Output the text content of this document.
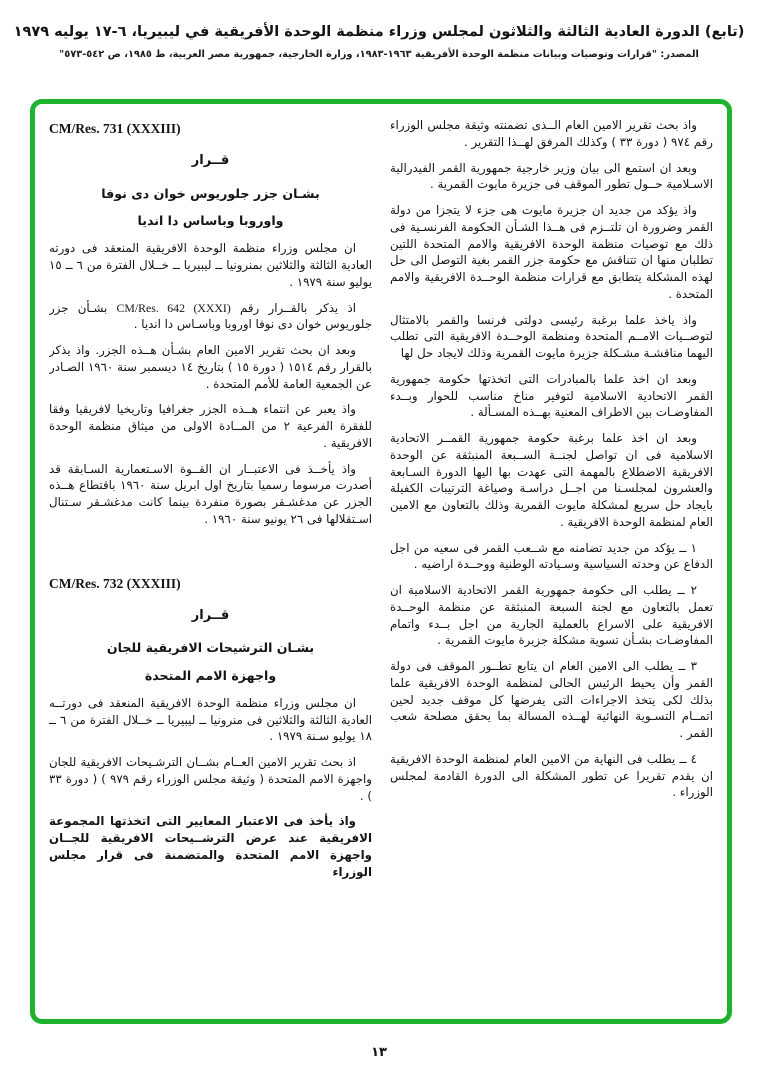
(تابع) الدورة العادية الثالثة والثلاثون لمجلس وزراء منظمة الوحدة الأفريقية في ليبيريا، ٦-١٧ يوليه ١٩٧٩
المصدر: "قرارات وتوصيات وبيانات منظمة الوحدة الأفريقية ١٩٦٣-١٩٨٣، وزارة الخارجية، جمهورية مصر العربية، ط ١٩٨٥، ص ٥٤٢-٥٧٣"

واذ بحث تقرير الامين العام الــذى تضمنته وثيقة مجلس الوزراء رقم ٩٧٤ ( دورة ٣٣ ) وكذلك المرفق لهــذا التقرير .

وبعد ان استمع الى بيان وزير خارجية جمهورية القمر الفيدرالية الاسـلامية حــول تطور الموقف فى جزيرة مايوت القمرية .

واذ يؤكد من جديد ان جزيرة مايوت هى جزء لا يتجزا من دولة القمر وضرورة ان تلتــزم فى هــذا الشـأن الحكومة الفرنسـية فى ذلك مع توصيات منظمة الوحدة الافريقية والامم المتحدة اللتين تطلبان منها ان تتناقش مع حكومة جزر القمر بغية التوصل الى حل لهذه المشكلة يتطابق مع قرارات منظمة الوحــدة الافريقية والامم المتحدة .

واذ ياخذ علما برغبة رئيسى دولتى فرنسا والقمر بالامتثال لتوصــيات الامــم المتحدة ومنظمة الوحــدة الافريقية التى تطلب اليهما مناقشـة مشـكلة جزيرة مايوت القمرية وذلك لايجاد حل لها

وبعد ان اخذ علما بالمبادرات التى اتخذتها حكومة جمهورية القمر الاتحادية الاسلامية لتوفير مناخ مناسب للحوار وبــدء المفاوضـات بين الاطراف المعنية بهــذه المسـألة .

وبعد ان اخذ علما برغبة حكومة جمهورية القمــر الاتحادية الاسلامية فى ان تواصل لجنــة الســبعة المنبثقة عن الوحدة الافريقية الاضطلاع بالمهمة التى عهدت بها اليها الدورة السـابعة والعشرون لمجلسـنا من اجــل دراسـة وصياغة الترتيبات الكفيلة بايجاد حل سريع لمشكلة مايوت القمرية وذلك بالتعاون مع الامين العام لمنظمة الوحدة الافريقية .

١ ــ يؤكد من جديد تضامنه مع شــعب القمر فى سعيه من اجل الدفاع عن وحدته السياسية وسـيادته الوطنية ووحــدة اراضيه .

٢ ــ يطلب الى حكومة جمهورية القمر الاتحادية الاسلامية ان تعمل بالتعاون مع لجنة السبعة المنبثقة عن منظمة الوحــدة الافريقية على الاسراع بالعملية الجارية من اجل بــدء واتمام المفاوضـات بشـأن تسوية مشكلة جزيرة مايوت القمرية .

٣ ــ يطلب الى الامين العام ان يتابع تطــور الموقف فى دولة القمر وأن يحيط الرئيس الحالى لمنظمة الوحدة الافريقية علما بذلك لكى يتخذ الاجراءات التى يفرضها كل موقف جديد لحين اتمــام التسـوية النهائية لهــذه المسالة بما يحقق مصلحة شعب القمر .

٤ ــ يطلب فى النهاية من الامين العام لمنظمة الوحدة الافريقية ان يقدم تقريرا عن تطور المشكلة الى الدورة القادمة لمجلس الوزراء .

CM/Res. 731 (XXXIII)
قــرار
بشـان جزر جلوريوس خوان دى نوفا
واوروبا وباساس دا انديا

ان مجلس وزراء منظمة الوحدة الافريقية المنعقد فى دورته العادية الثالثة والثلاثين بمنرونيا ــ ليبيريا ــ خــلال الفترة من ٦ ــ ١٥ يوليو سنة ١٩٧٩ .

اذ يذكر بالقــرار رقم CM/Res. 642 (XXXI) بشـأن جزر جلوريوس خوان دى نوفا اوروبا وباسـاس دا انديا .

وبعد ان بحث تقرير الامين العام بشـأن هــذه الجزر. واذ يذكر بالقرار رقم ١٥١٤ ( دورة ١٥ ) بتاريخ ١٤ ديسمبر سنة ١٩٦٠ الصـادر عن الجمعية العامة للأمم المتحدة .

واذ يعبر عن انتماء هــذه الجزر جغرافيا وتاريخيا لافريقيا وفقا للفقرة الفرعية ٢ من المــادة الاولى من ميثاق منظمة الوحدة الافريقية .

واذ يأخــذ فى الاعتبــار ان القــوة الاسـتعمارية السـابقة قد أصدرت مرسوما رسميا بتاريخ اول ابريل سنة ١٩٦٠ باقتطاع هــذه الجزر عن مدغشـقر بصورة منفردة بينما كانت مدغشـقر سـتنال اسـتقلالها فى ٢٦ يونيو سنة ١٩٦٠ .

CM/Res. 732 (XXXIII)
قــرار
بشـان الترشيحات الافريقية للجان
واجهزة الامم المتحدة

ان مجلس وزراء منظمة الوحدة الافريقية المنعقد فى دورتــه العادية الثالثة والثلاثين فى منرونيا ــ ليبيريا ــ خــلال الفترة من ٦ ــ ١٨ يوليو سـنة ١٩٧٩ .

اذ بحث تقرير الامين العــام بشــان الترشـيحات الافريقية للجان واجهزة الامم المتحدة ( وثيقة مجلس الوزراء رقم ٩٧٩ ) ( دورة ٣٣ ) .

واذ يأخذ فى الاعتبار المعايير التى اتخذتها المجموعة الافريقية عند عرض الترشــيحات الافريقية للجــان واجهزة الامم المتحدة والمتضمنة فى قرار مجلس الوزراء

١٣
